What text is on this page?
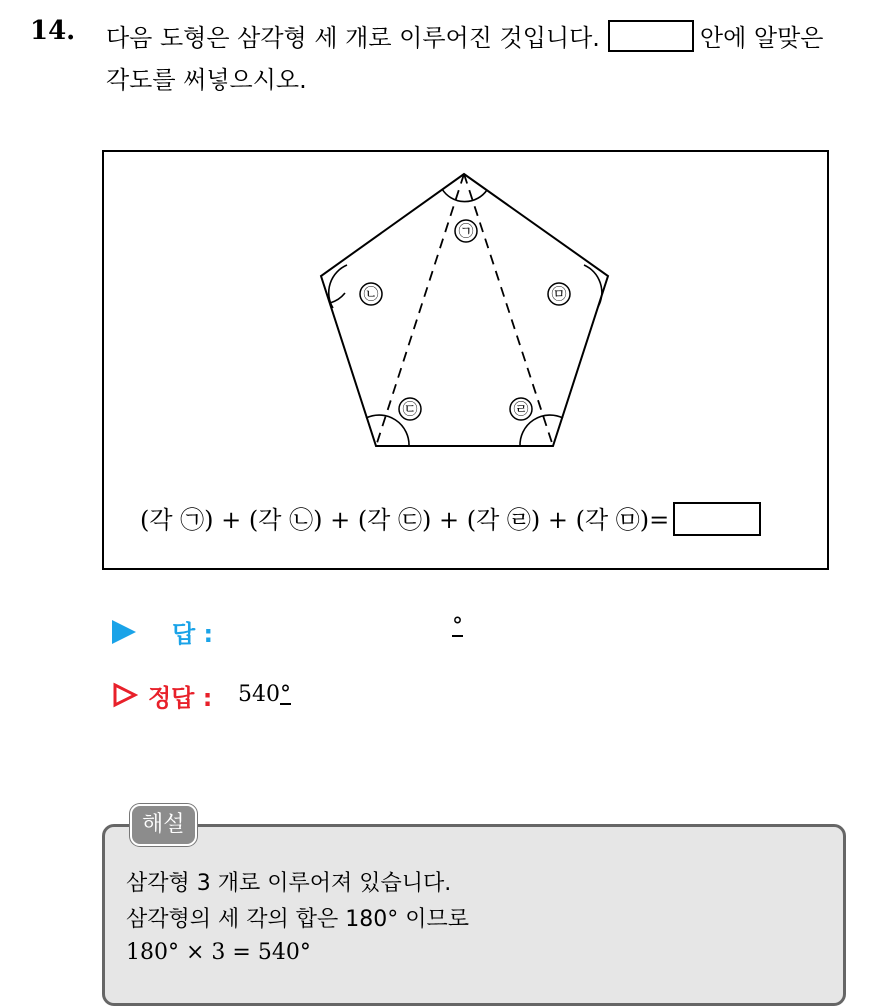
14. 다음 도형은 삼각형 세 개로 이루어진 것입니다.	안에 알맞은
각도를 써넣으시오.
㉠
㉡
㉢	㉣
㉤
(각 ㉠) + (각 ㉡) + (각 ㉢) + (각 ㉣) + (각 ㉤)=
답 :	°
정답 : 540°
해설
삼각형 3 개로 이루어져 있습니다.
삼각형의 세 각의 합은 180° 이므로
180° × 3 = 540°
